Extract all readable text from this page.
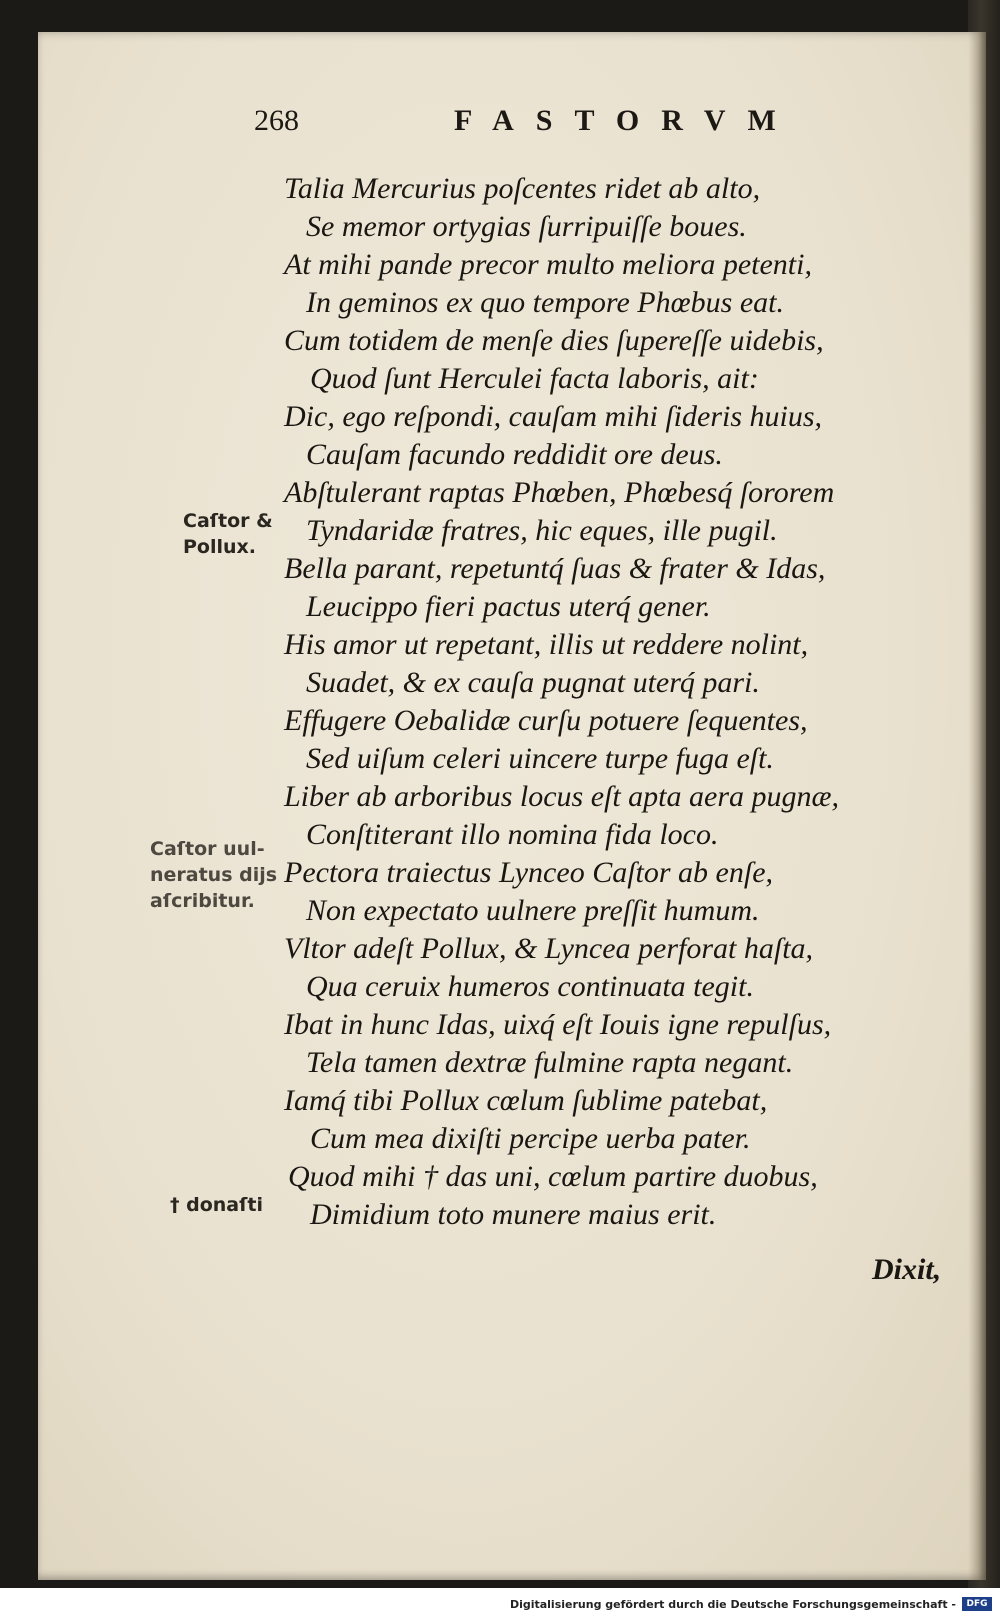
268	FASTORVM
Talia Mercurius poſcentes ridet ab alto,
Se memor ortygias ſurripuiſſe boues.
At mihi pande precor multo meliora petenti,
In geminos ex quo tempore Phœbus eat.
Cum totidem de menſe dies ſupereſſe uidebis,
Quod ſunt Herculei facta laboris, ait:
Dic, ego reſpondi, cauſam mihi ſideris huius,
Cauſam facundo reddidit ore deus.
Abſtulerant raptas Phœben, Phœbesq́ ſororem
Tyndaridæ fratres, hic eques, ille pugil.
Bella parant, repetuntq́ ſuas & frater & Idas,
Leucippo fieri pactus uterq́ gener.
His amor ut repetant, illis ut reddere nolint,
Suadet, & ex cauſa pugnat uterq́ pari.
Effugere Oebalidæ curſu potuere ſequentes,
Sed uiſum celeri uincere turpe fuga eſt.
Liber ab arboribus locus eſt apta aera pugnæ,
Conſtiterant illo nomina fida loco.
Pectora traiectus Lynceo Caſtor ab enſe,
Non expectato uulnere preſſit humum.
Vltor adeſt Pollux, & Lyncea perforat haſta,
Qua ceruix humeros continuata tegit.
Ibat in hunc Idas, uixq́ eſt Iouis igne repulſus,
Tela tamen dextræ fulmine rapta negant.
Iamq́ tibi Pollux cœlum ſublime patebat,
Cum mea dixiſti percipe uerba pater.
Quod mihi † das uni, cœlum partire duobus,
Dimidium toto munere maius erit.
Caſtor &
Pollux.
Caſtor uul-
neratus dijs
aſcribitur.
† donaſti
Dixit,
Digitalisierung gefördert durch die Deutsche Forschungsgemeinschaft -	DFG
